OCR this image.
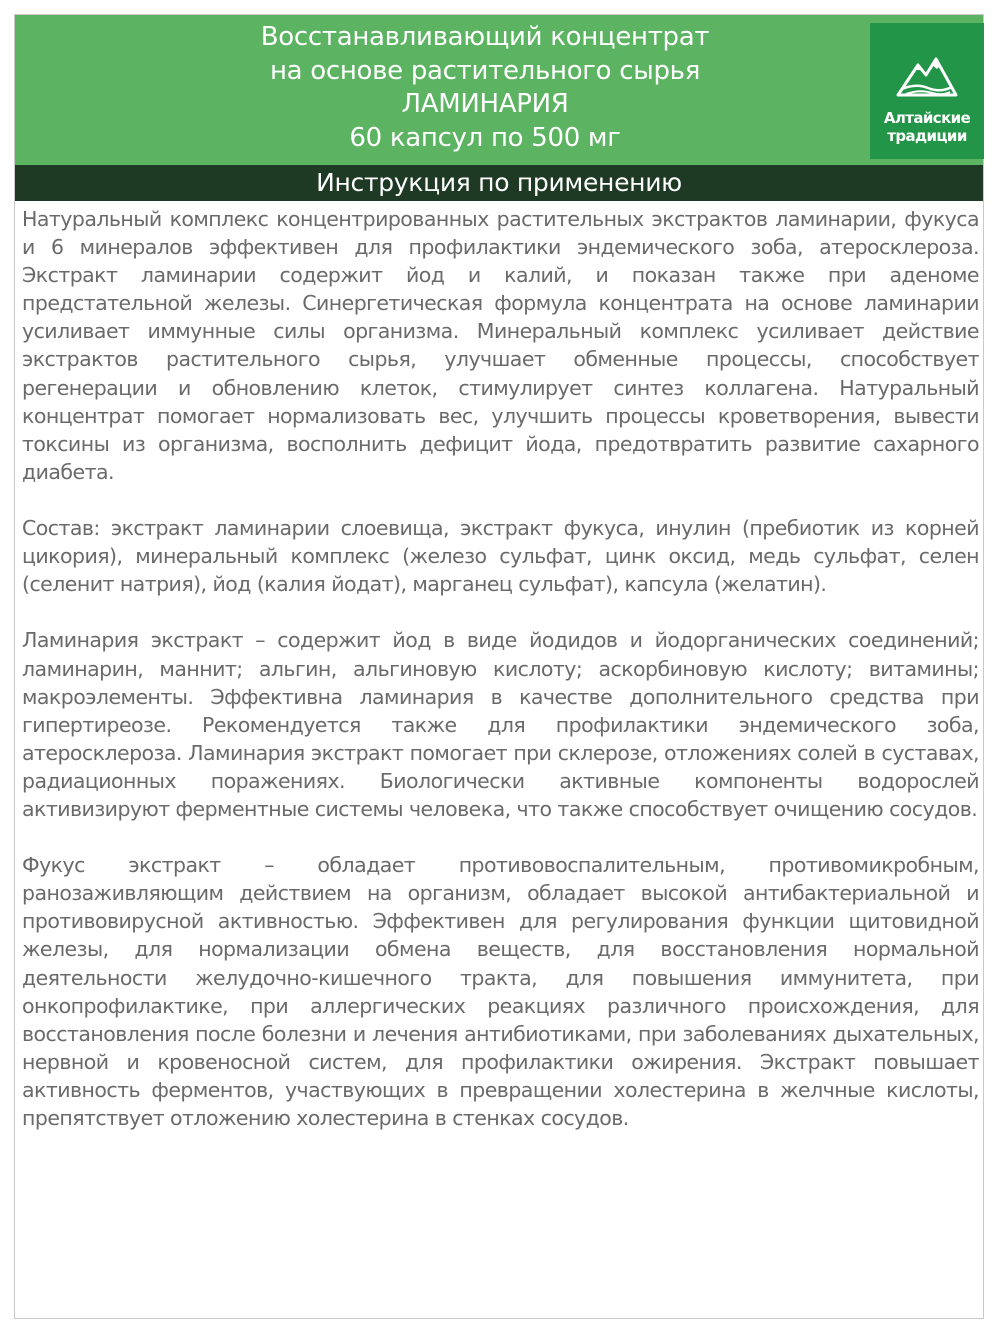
Восстанавливающий концентрат
на основе растительного сырья
ЛАМИНАРИЯ
60 капсул по 500 мг
Алтайские
традиции
Инструкция по применению

Натуральный комплекс концентрированных растительных экстрактов ламинарии, фукуса и 6 минералов эффективен для профилактики эндемического зоба, атеросклероза. Экстракт ламинарии содержит йод и калий, и показан также при аденоме предстательной железы. Синергетическая формула концентрата на основе ламинарии усиливает иммунные силы организма. Минеральный комплекс усиливает действие экстрактов растительного сырья, улучшает обменные процессы, способствует регенерации и обновлению клеток, стимулирует синтез коллагена. Натуральный концентрат помогает нормализовать вес, улучшить процессы кроветворения, вывести токсины из организма, восполнить дефицит йода, предотвратить развитие сахарного диабета.

Состав: экстракт ламинарии слоевища, экстракт фукуса, инулин (пребиотик из корней цикория), минеральный комплекс (железо сульфат, цинк оксид, медь сульфат, селен (селенит натрия), йод (калия йодат), марганец сульфат), капсула (желатин).

Ламинария экстракт – содержит йод в виде йодидов и йодорганических соединений; ламинарин, маннит; альгин, альгиновую кислоту; аскорбиновую кислоту; витамины; макроэлементы. Эффективна ламинария в качестве дополнительного средства при гипертиреозе. Рекомендуется также для профилактики эндемического зоба, атеросклероза. Ламинария экстракт помогает при склерозе, отложениях солей в суставах, радиационных поражениях. Биологически активные компоненты водорослей активизируют ферментные системы человека, что также способствует очищению сосудов.

Фукус экстракт – обладает противовоспалительным, противомикробным, ранозаживляющим действием на организм, обладает высокой антибактериальной и противовирусной активностью. Эффективен для регулирования функции щитовидной железы, для нормализации обмена веществ, для восстановления нормальной деятельности желудочно-кишечного тракта, для повышения иммунитета, при онкопрофилактике, при аллергических реакциях различного происхождения, для восстановления после болезни и лечения антибиотиками, при заболеваниях дыхательных, нервной и кровеносной систем, для профилактики ожирения. Экстракт повышает активность ферментов, участвующих в превращении холестерина в желчные кислоты, препятствует отложению холестерина в стенках сосудов.
